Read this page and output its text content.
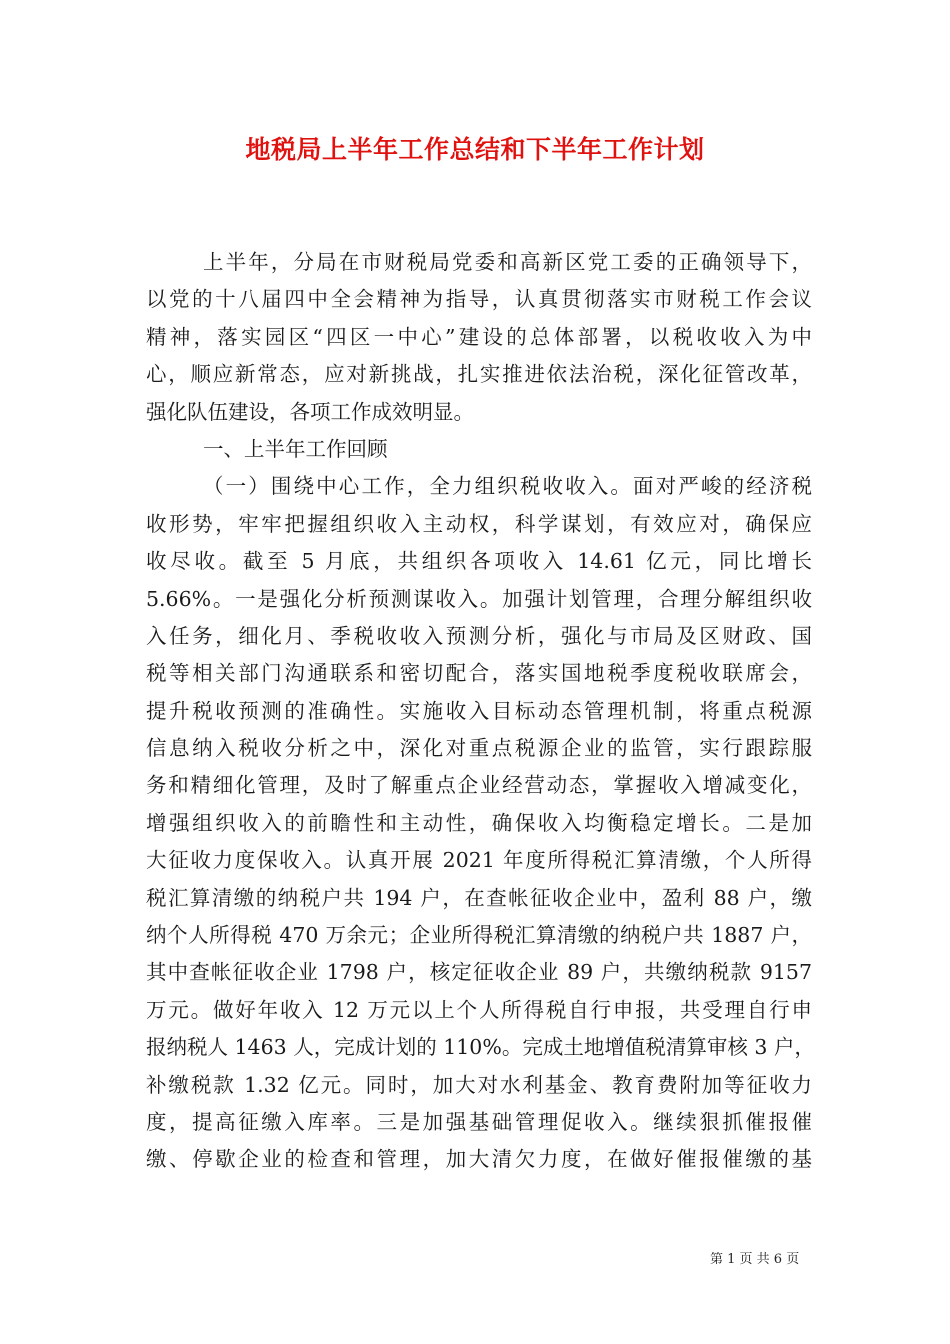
地税局上半年工作总结和下半年工作计划
上半年，分局在市财税局党委和高新区党工委的正确领导下，
以党的十八届四中全会精神为指导，认真贯彻落实市财税工作会议
精神，落实园区“四区一中心”建设的总体部署，以税收收入为中
心，顺应新常态，应对新挑战，扎实推进依法治税，深化征管改革，
强化队伍建设，各项工作成效明显。
一、上半年工作回顾
（一）围绕中心工作，全力组织税收收入。面对严峻的经济税
收形势，牢牢把握组织收入主动权，科学谋划，有效应对，确保应
收尽收。截至 5 月底，共组织各项收入 14.61 亿元，同比增长
5.66%。一是强化分析预测谋收入。加强计划管理，合理分解组织收
入任务，细化月、季税收收入预测分析，强化与市局及区财政、国
税等相关部门沟通联系和密切配合，落实国地税季度税收联席会，
提升税收预测的准确性。实施收入目标动态管理机制，将重点税源
信息纳入税收分析之中，深化对重点税源企业的监管，实行跟踪服
务和精细化管理，及时了解重点企业经营动态，掌握收入增减变化，
增强组织收入的前瞻性和主动性，确保收入均衡稳定增长。二是加
大征收力度保收入。认真开展 2021 年度所得税汇算清缴，个人所得
税汇算清缴的纳税户共 194 户，在查帐征收企业中，盈利 88 户，缴
纳个人所得税 470 万余元；企业所得税汇算清缴的纳税户共 1887 户，
其中查帐征收企业 1798 户，核定征收企业 89 户，共缴纳税款 9157
万元。做好年收入 12 万元以上个人所得税自行申报，共受理自行申
报纳税人 1463 人，完成计划的 110%。完成土地增值税清算审核 3 户，
补缴税款 1.32 亿元。同时，加大对水利基金、教育费附加等征收力
度，提高征缴入库率。三是加强基础管理促收入。继续狠抓催报催
缴、停歇企业的检查和管理，加大清欠力度，在做好催报催缴的基
第 1 页 共 6 页
